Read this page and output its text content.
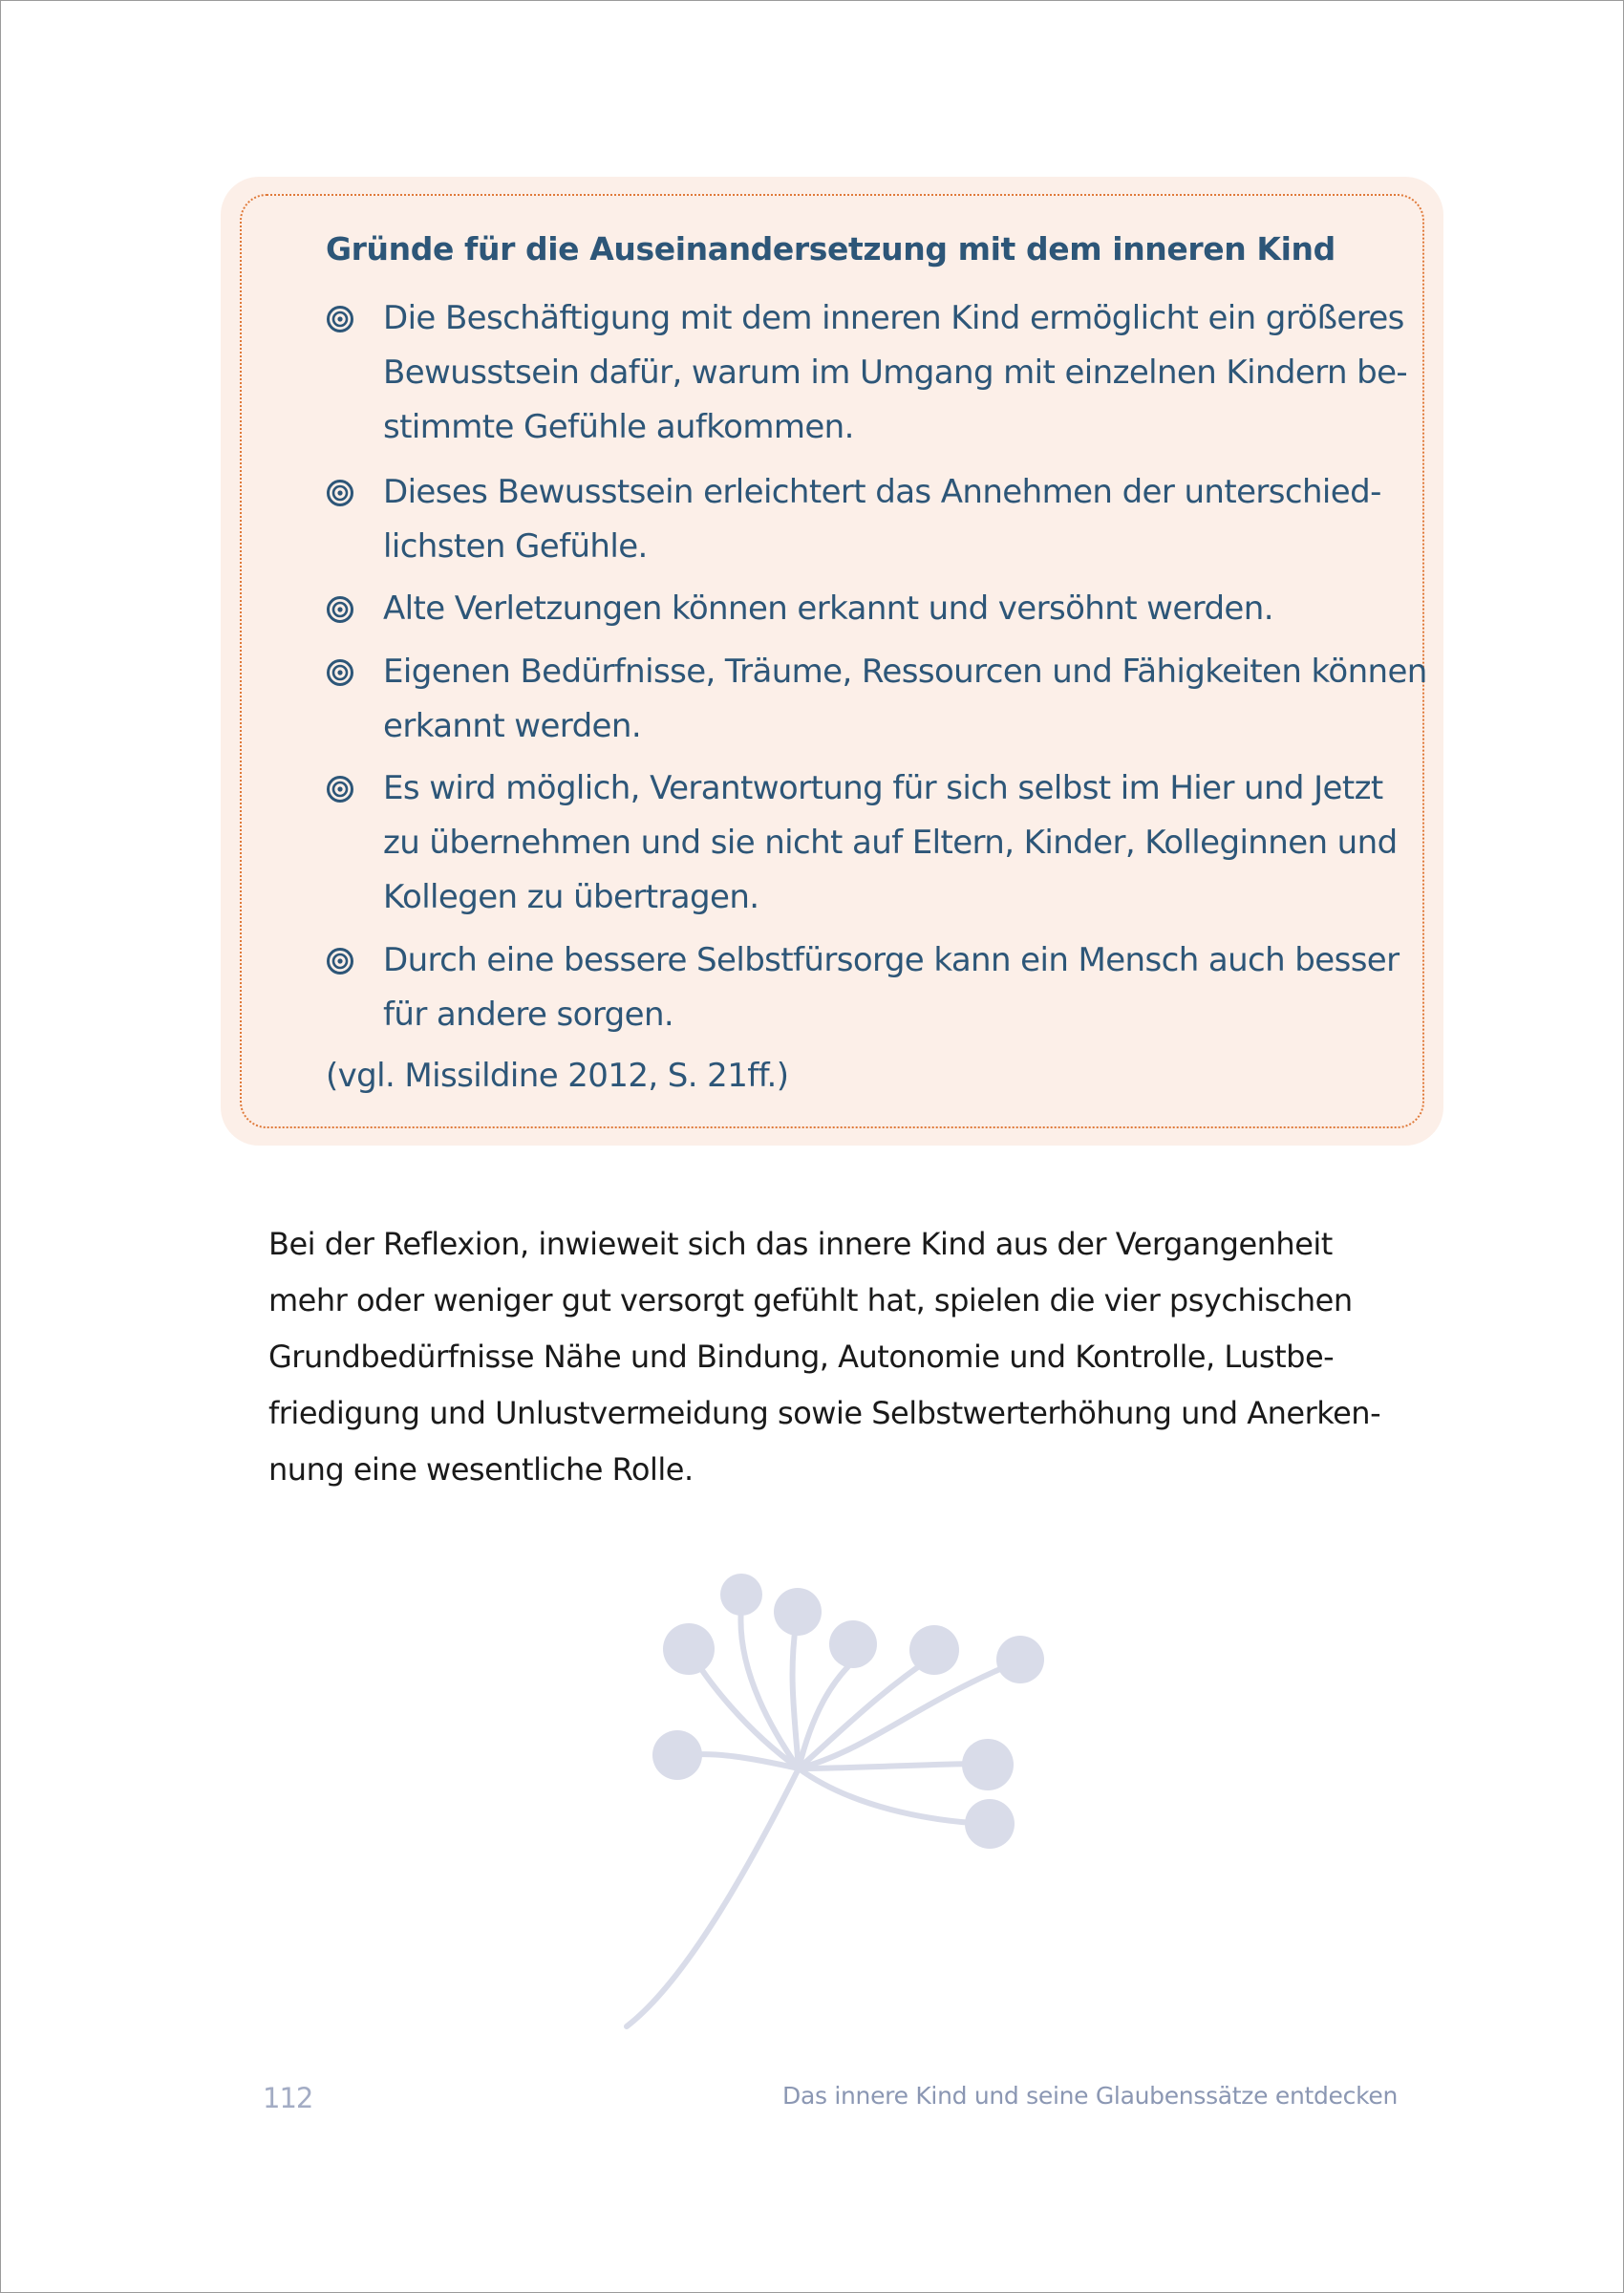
Gründe für die Auseinandersetzung mit dem inneren Kind
Die Beschäftigung mit dem inneren Kind ermöglicht ein größeres
Bewusstsein dafür, warum im Umgang mit einzelnen Kindern be-
stimmte Gefühle aufkommen.
Dieses Bewusstsein erleichtert das Annehmen der unterschied-
lichsten Gefühle.
Alte Verletzungen können erkannt und versöhnt werden.
Eigenen Bedürfnisse, Träume, Ressourcen und Fähigkeiten können
erkannt werden.
Es wird möglich, Verantwortung für sich selbst im Hier und Jetzt
zu übernehmen und sie nicht auf Eltern, Kinder, Kolleginnen und
Kollegen zu übertragen.
Durch eine bessere Selbstfürsorge kann ein Mensch auch besser
für andere sorgen.
(vgl. Missildine 2012, S. 21ff.)
Bei der Reflexion, inwieweit sich das innere Kind aus der Vergangenheit
mehr oder weniger gut versorgt gefühlt hat, spielen die vier psychischen
Grundbedürfnisse Nähe und Bindung, Autonomie und Kontrolle, Lustbe-
friedigung und Unlustvermeidung sowie Selbstwerterhöhung und Anerken-
nung eine wesentliche Rolle.
112	Das innere Kind und seine Glaubenssätze entdecken
